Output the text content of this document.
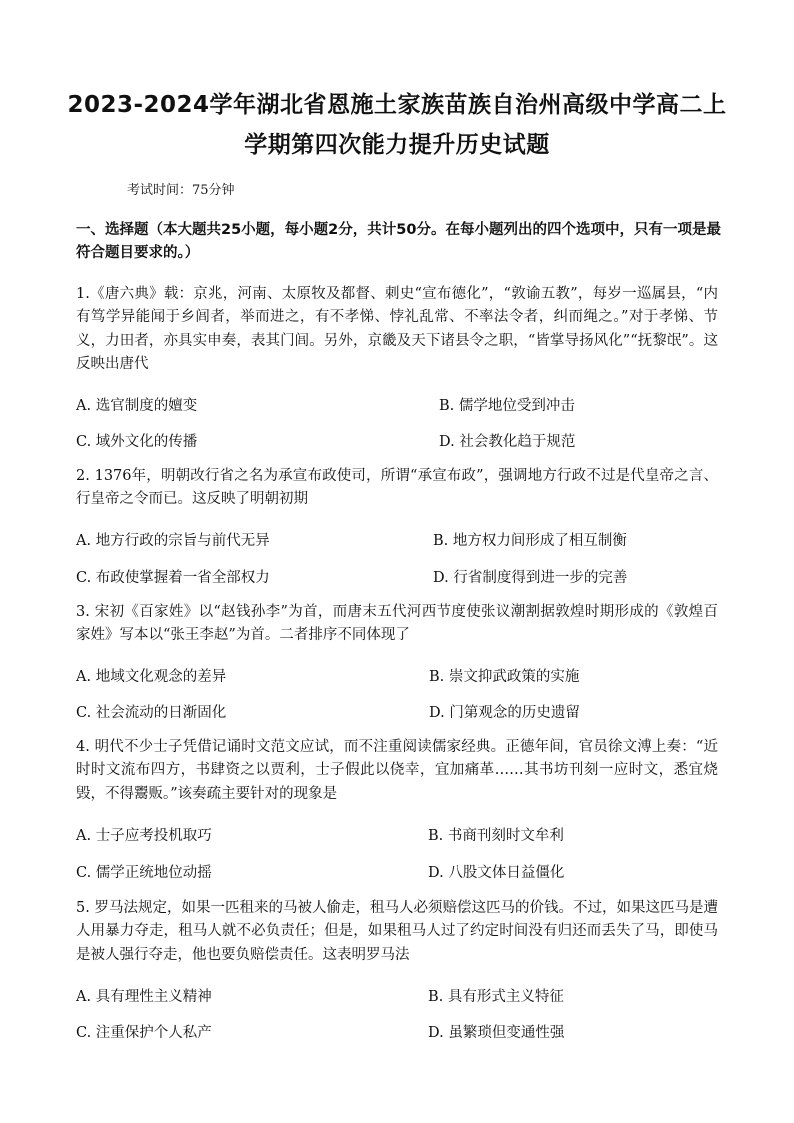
2023-2024学年湖北省恩施土家族苗族自治州高级中学高二上
学期第四次能力提升历史试题
考试时间：75分钟
一、选择题（本大题共25小题，每小题2分，共计50分。在每小题列出的四个选项中，只有一项是最符合题目要求的。）
1.《唐六典》载：京兆，河南、太原牧及都督、刺史“宣布德化”，“敦谕五教”，每岁一巡属县，“内有笃学异能闻于乡闾者，举而进之，有不孝悌、悖礼乱常、不率法令者，纠而绳之。”对于孝悌、节义，力田者，亦具实申奏，表其门闾。另外，京畿及天下诸县令之职，“皆掌导扬风化”“抚黎氓”。这反映出唐代
A. 选官制度的嬗变	B. 儒学地位受到冲击
C. 域外文化的传播	D. 社会教化趋于规范
2. 1376年，明朝改行省之名为承宣布政使司，所谓“承宣布政”，强调地方行政不过是代皇帝之言、行皇帝之令而已。这反映了明朝初期
A. 地方行政的宗旨与前代无异	B. 地方权力间形成了相互制衡
C. 布政使掌握着一省全部权力	D. 行省制度得到进一步的完善
3. 宋初《百家姓》以“赵钱孙李”为首，而唐末五代河西节度使张议潮割据敦煌时期形成的《敦煌百家姓》写本以“张王李赵”为首。二者排序不同体现了
A. 地域文化观念的差异	B. 崇文抑武政策的实施
C. 社会流动的日渐固化	D. 门第观念的历史遗留
4. 明代不少士子凭借记诵时文范文应试，而不注重阅读儒家经典。正德年间，官员徐文溥上奏：“近时时文流布四方，书肆资之以贾利，士子假此以侥幸，宜加痛革……其书坊刊刻一应时文，悉宜烧毁，不得鬻贩。”该奏疏主要针对的现象是
A. 士子应考投机取巧	B. 书商刊刻时文牟利
C. 儒学正统地位动摇	D. 八股文体日益僵化
5. 罗马法规定，如果一匹租来的马被人偷走，租马人必须赔偿这匹马的价钱。不过，如果这匹马是遭人用暴力夺走，租马人就不必负责任；但是，如果租马人过了约定时间没有归还而丢失了马，即使马是被人强行夺走，他也要负赔偿责任。这表明罗马法
A. 具有理性主义精神	B. 具有形式主义特征
C. 注重保护个人私产	D. 虽繁琐但变通性强
